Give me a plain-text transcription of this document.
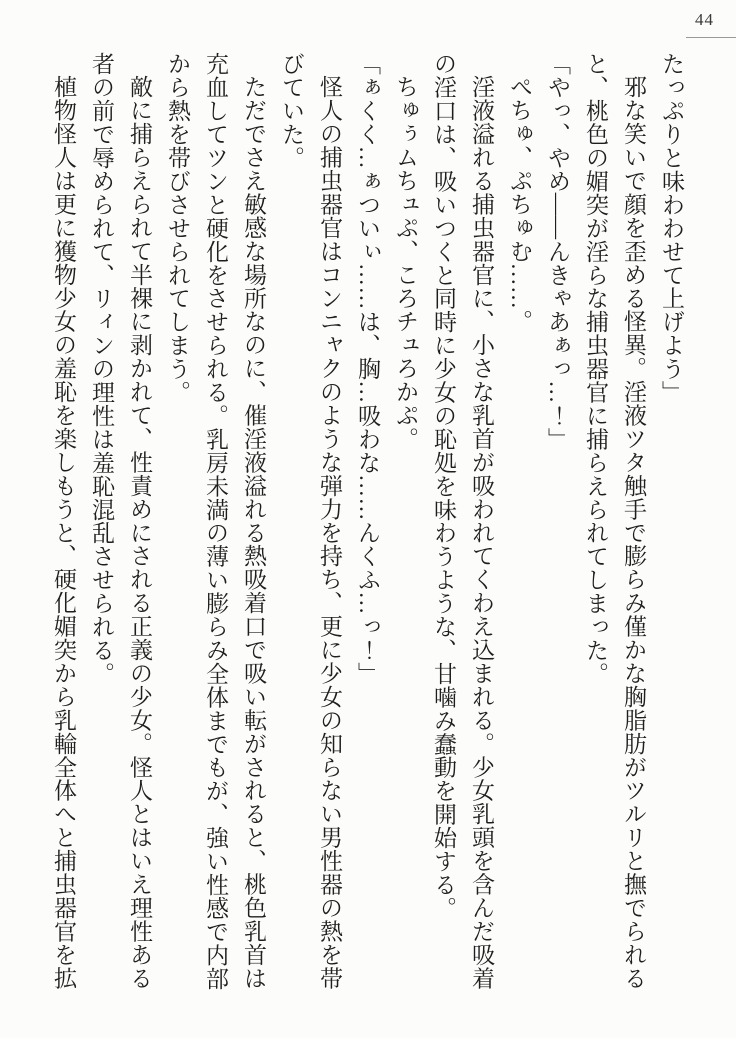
44

たっぷりと味わわせて上げよう」

邪な笑いで顔を歪める怪異。淫液ツタ触手で膨らみ僅かな胸脂肪がツルリと撫でられると、桃色の媚突が淫らな捕虫器官に捕らえられてしまった。

「やっ、やめ――んきゃあぁっ…！」

ぺちゅ、ぷちゅむ……。

淫液溢れる捕虫器官に、小さな乳首が吸われてくわえ込まれる。少女乳頭を含んだ吸着の淫口は、吸いつくと同時に少女の恥処を味わうような、甘噛み蠢動を開始する。

ちゅぅムちュぷ、ころチュろかぷ。

「ぁくく…ぁついぃ……は、胸…吸わな……んくふ…っ！」

怪人の捕虫器官はコンニャクのような弾力を持ち、更に少女の知らない男性器の熱を帯びていた。

ただでさえ敏感な場所なのに、催淫液溢れる熱吸着口で吸い転がされると、桃色乳首は充血してツンと硬化をさせられる。乳房未満の薄い膨らみ全体までもが、強い性感で内部から熱を帯びさせられてしまう。

敵に捕らえられて半裸に剥かれて、性責めにされる正義の少女。怪人とはいえ理性ある者の前で辱められて、リィンの理性は羞恥混乱させられる。

植物怪人は更に獲物少女の羞恥を楽しもうと、硬化媚突から乳輪全体へと捕虫器官を拡
